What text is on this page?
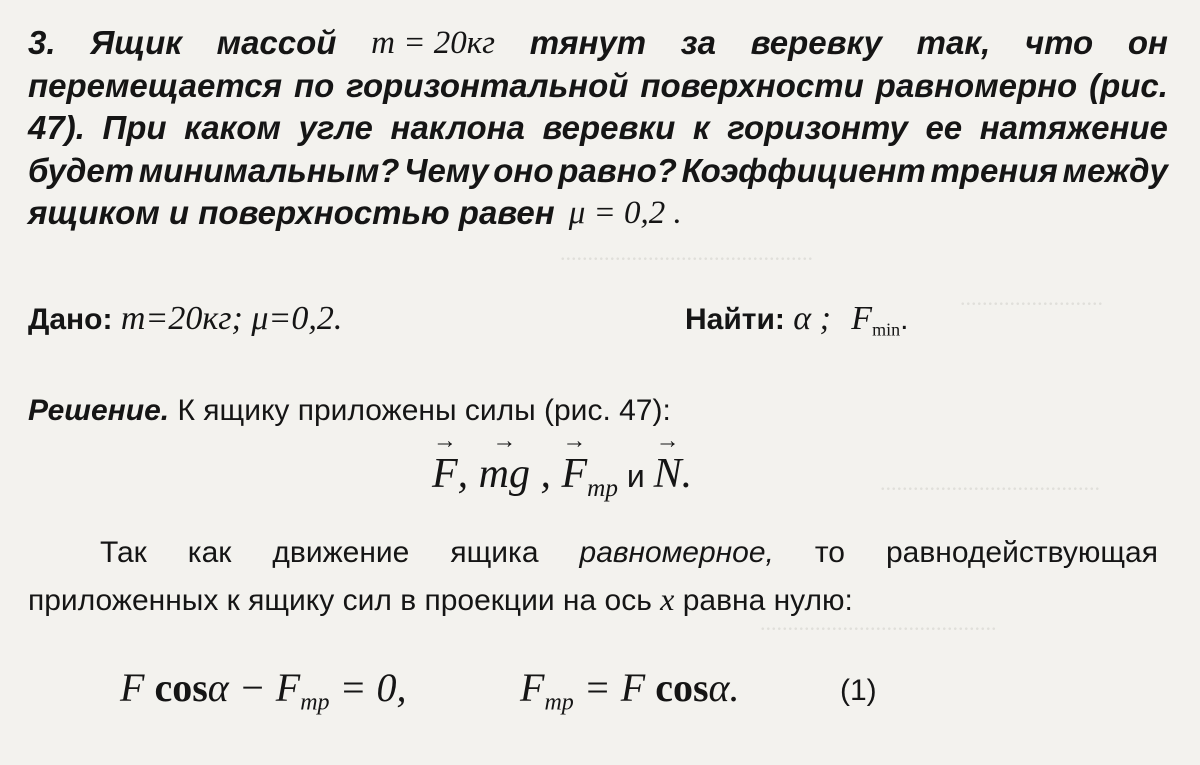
..............................................
..........................
........................................
...........................................
3. Ящик массой m = 20кг тянут за веревку так, что он
перемещается по горизонтальной поверхности равномерно (рис.
47). При каком угле наклона веревки к горизонту ее натяжение
будет минимальным? Чему оно равно? Коэффициент трения между
ящиком и поверхностью равен μ = 0,2 .
Дано: m=20кг; μ=0,2.	Найти: α ; $F_{min}$.
Решение. К ящику приложены силы (рис. 47):
→ F, → mg , → $F_{тр}$ и → N.
Так как движение ящика равномерное, то равнодействующая
приложенных к ящику сил в проекции на ось x равна нулю:
F $\cos\alpha - F_{тр} = 0$,	$F_{тр} = F$ cosα.	(1)
